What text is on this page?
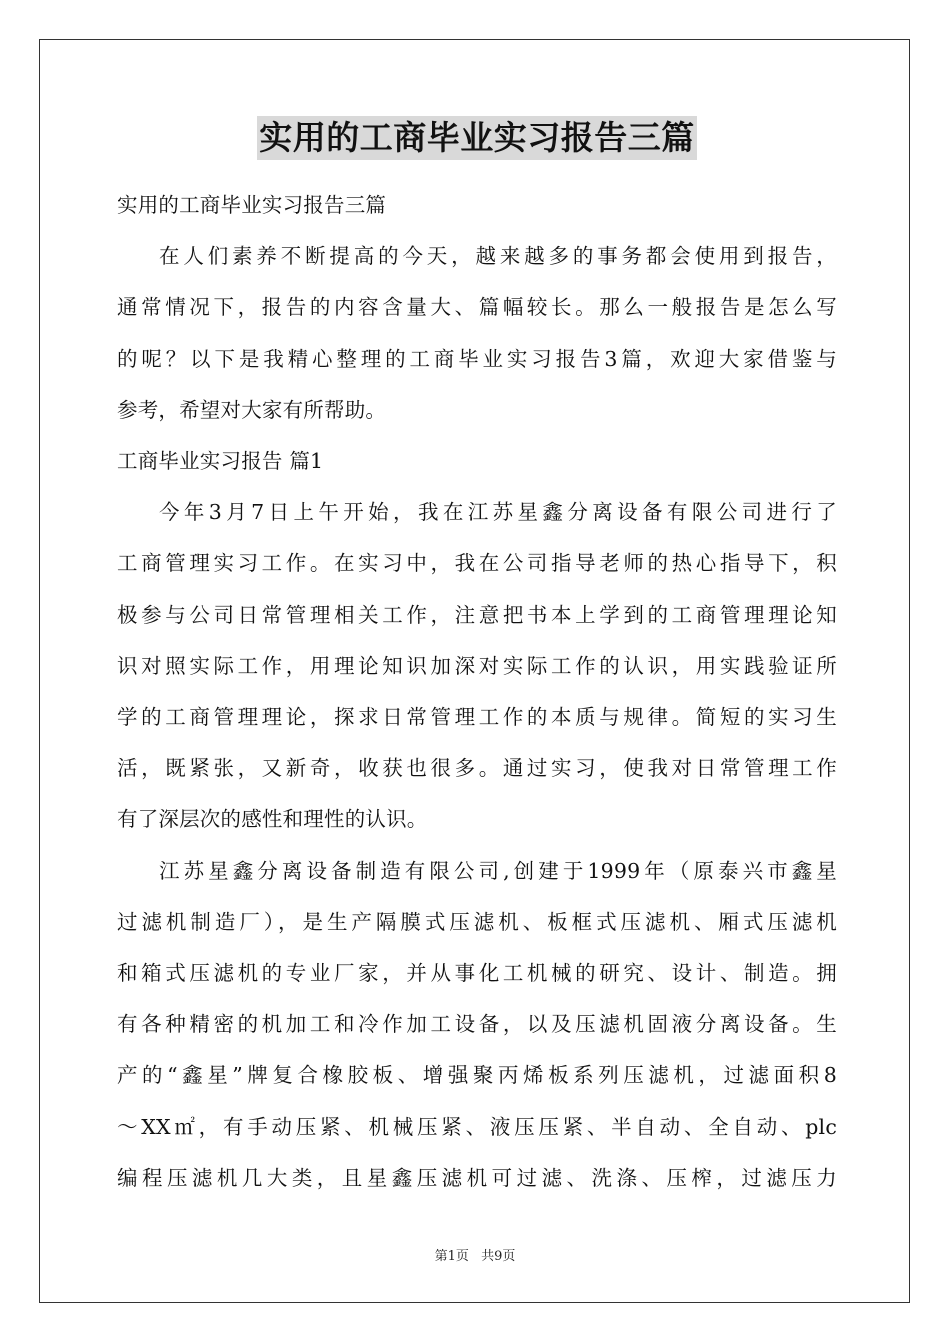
实用的工商毕业实习报告三篇
实用的工商毕业实习报告三篇
在人们素养不断提高的今天，越来越多的事务都会使用到报告，
通常情况下，报告的内容含量大、篇幅较长。那么一般报告是怎么写
的呢？以下是我精心整理的工商毕业实习报告3篇，欢迎大家借鉴与
参考，希望对大家有所帮助。
工商毕业实习报告 篇1
今年3月7日上午开始，我在江苏星鑫分离设备有限公司进行了
工商管理实习工作。在实习中，我在公司指导老师的热心指导下，积
极参与公司日常管理相关工作，注意把书本上学到的工商管理理论知
识对照实际工作，用理论知识加深对实际工作的认识，用实践验证所
学的工商管理理论，探求日常管理工作的本质与规律。简短的实习生
活，既紧张，又新奇，收获也很多。通过实习，使我对日常管理工作
有了深层次的感性和理性的认识。
江苏星鑫分离设备制造有限公司,创建于1999年（原泰兴市鑫星
过滤机制造厂），是生产隔膜式压滤机、板框式压滤机、厢式压滤机
和箱式压滤机的专业厂家，并从事化工机械的研究、设计、制造。拥
有各种精密的机加工和冷作加工设备，以及压滤机固液分离设备。生
产的“鑫星”牌复合橡胶板、增强聚丙烯板系列压滤机，过滤面积8
～XX㎡，有手动压紧、机械压紧、液压压紧、半自动、全自动、plc
编程压滤机几大类，且星鑫压滤机可过滤、洗涤、压榨，过滤压力
第1页 共9页
